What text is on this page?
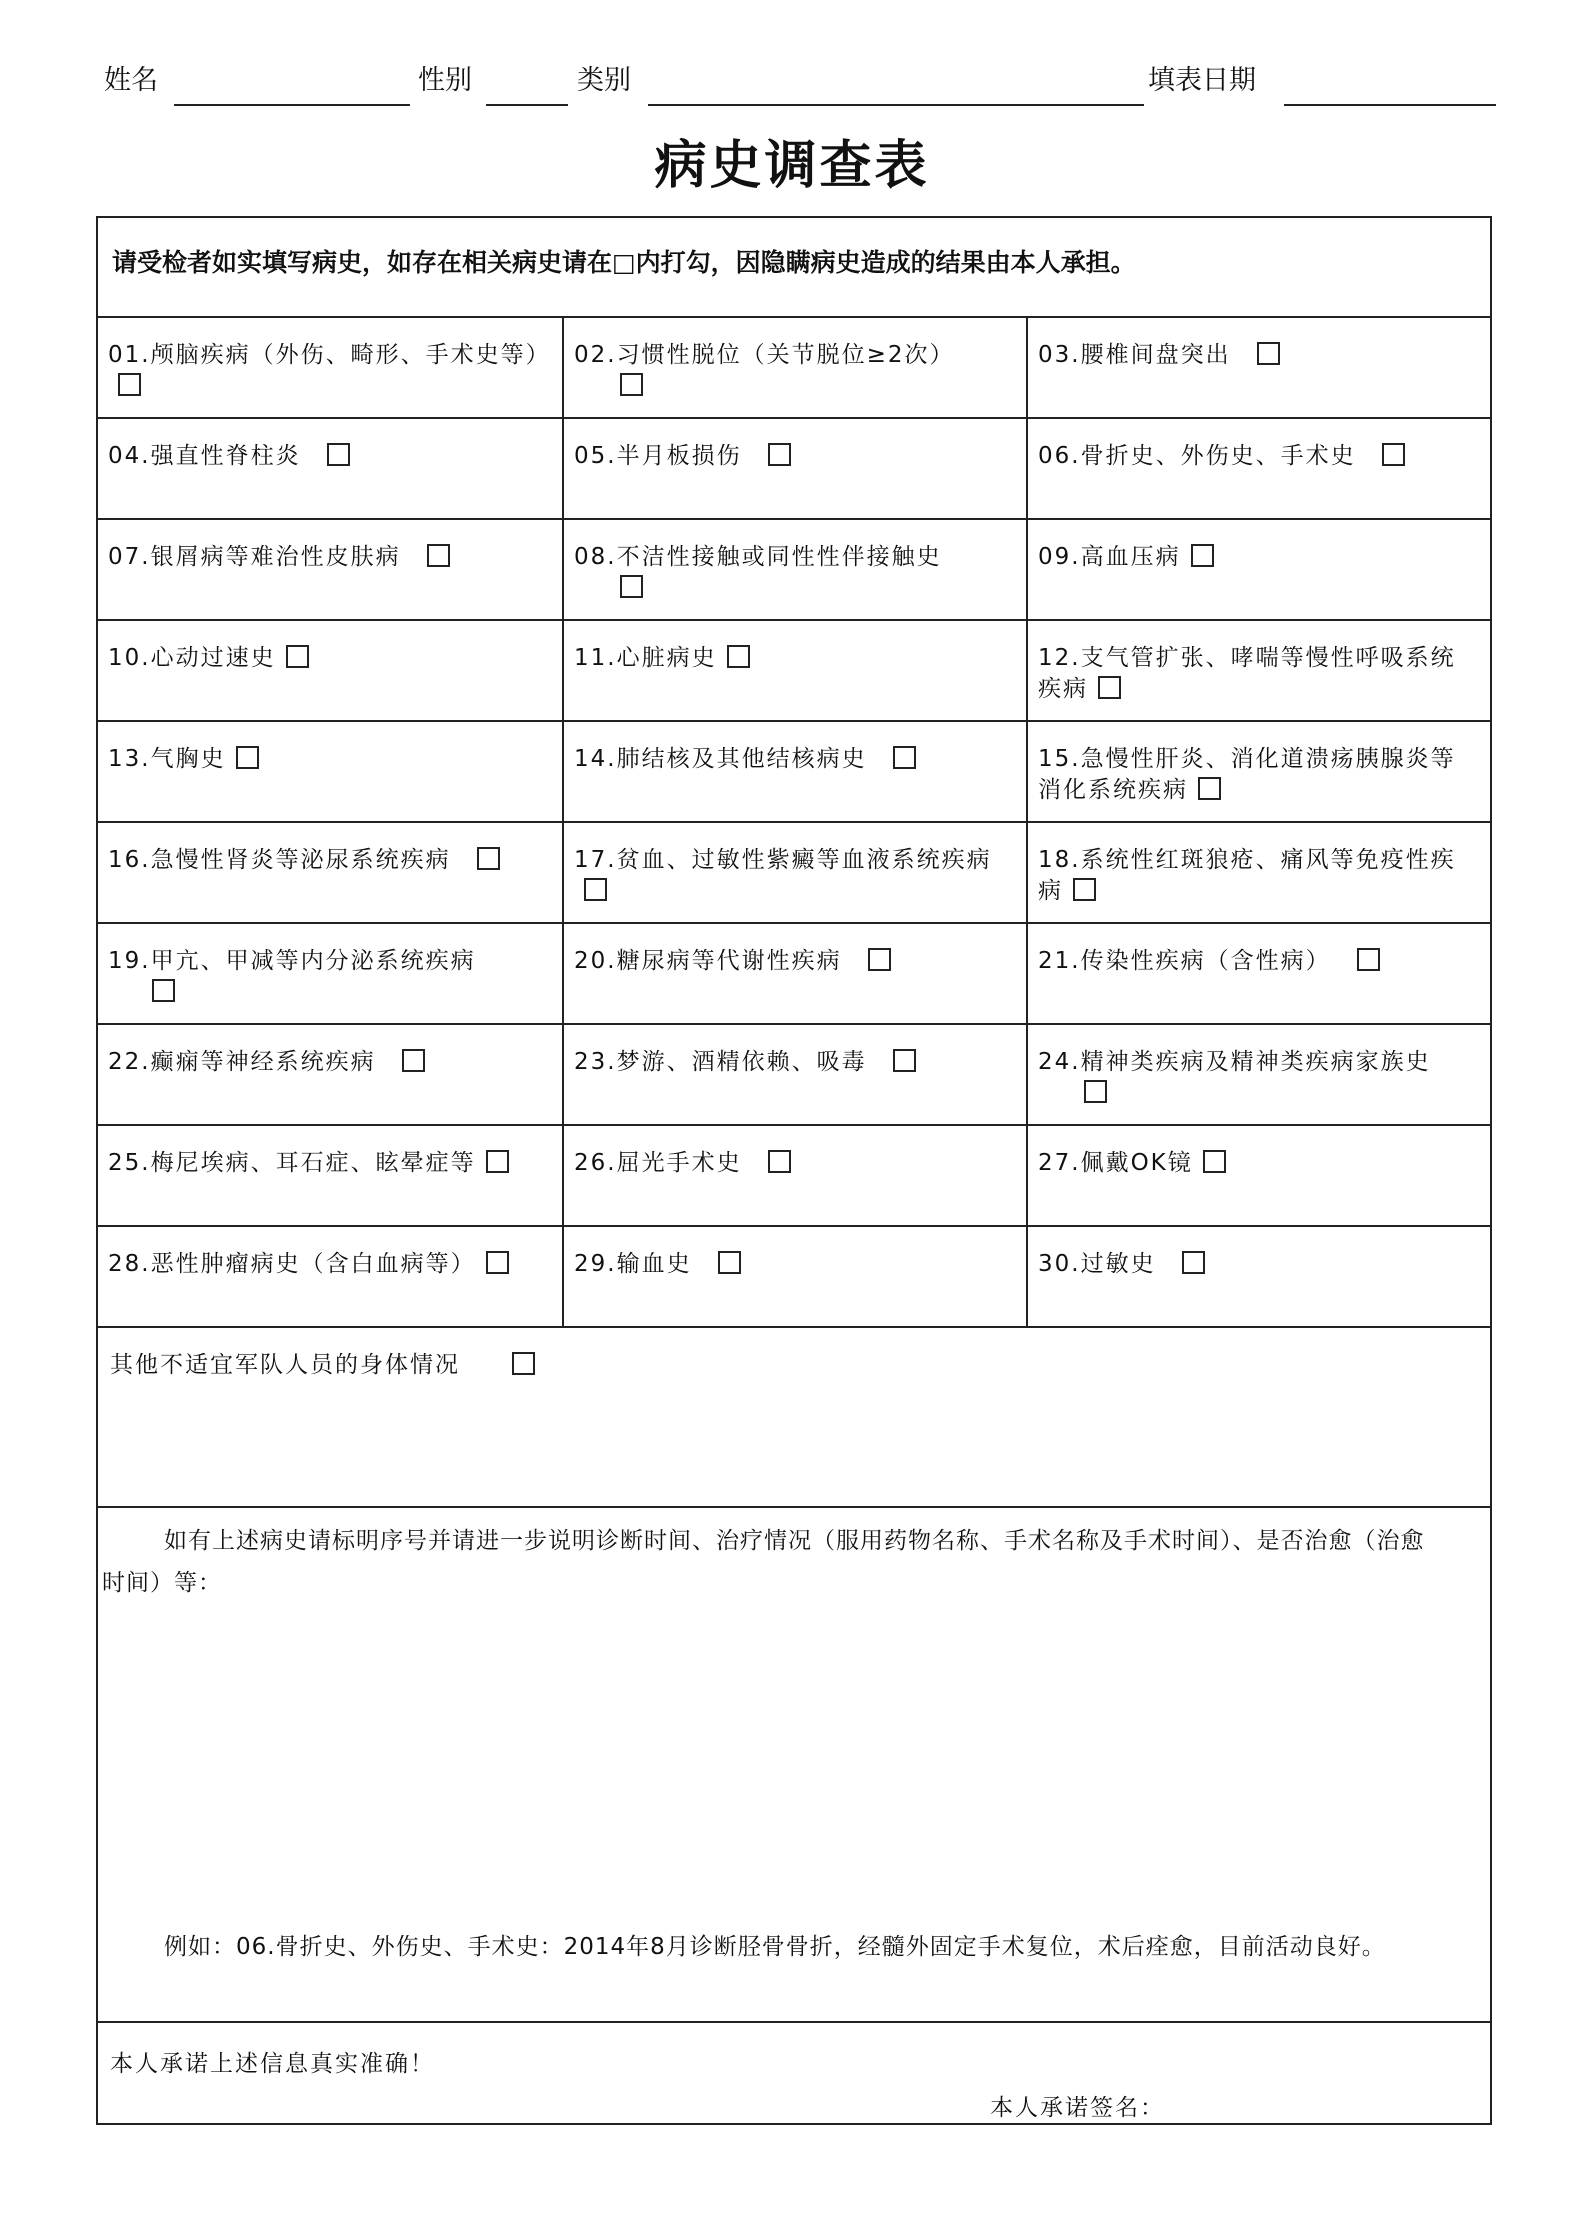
姓名	性别	类别	填表日期
病史调查表
请受检者如实填写病史，如存在相关病史请在□内打勾，因隐瞒病史造成的结果由本人承担。
01.颅脑疾病（外伤、畸形、手术史等）	02.习惯性脱位（关节脱位≥2次）	03.腰椎间盘突出
04.强直性脊柱炎	05.半月板损伤	06.骨折史、外伤史、手术史
07.银屑病等难治性皮肤病	08.不洁性接触或同性性伴接触史	09.高血压病
10.心动过速史	11.心脏病史	12.支气管扩张、哮喘等慢性呼吸系统疾病
13.气胸史	14.肺结核及其他结核病史	15.急慢性肝炎、消化道溃疡胰腺炎等消化系统疾病
16.急慢性肾炎等泌尿系统疾病	17.贫血、过敏性紫癜等血液系统疾病	18.系统性红斑狼疮、痛风等免疫性疾病
19.甲亢、甲减等内分泌系统疾病	20.糖尿病等代谢性疾病	21.传染性疾病（含性病）
22.癫痫等神经系统疾病	23.梦游、酒精依赖、吸毒	24.精神类疾病及精神类疾病家族史

25.梅尼埃病、耳石症、眩晕症等	26.屈光手术史	27.佩戴OK镜
28.恶性肿瘤病史（含白血病等）	29.输血史	30.过敏史
其他不适宜军队人员的身体情况
如有上述病史请标明序号并请进一步说明诊断时间、治疗情况（服用药物名称、手术名称及手术时间）、是否治愈（治愈时间）等：
例如：06.骨折史、外伤史、手术史：2014年8月诊断胫骨骨折，经髓外固定手术复位，术后痊愈，目前活动良好。
本人承诺上述信息真实准确！
本人承诺签名：
